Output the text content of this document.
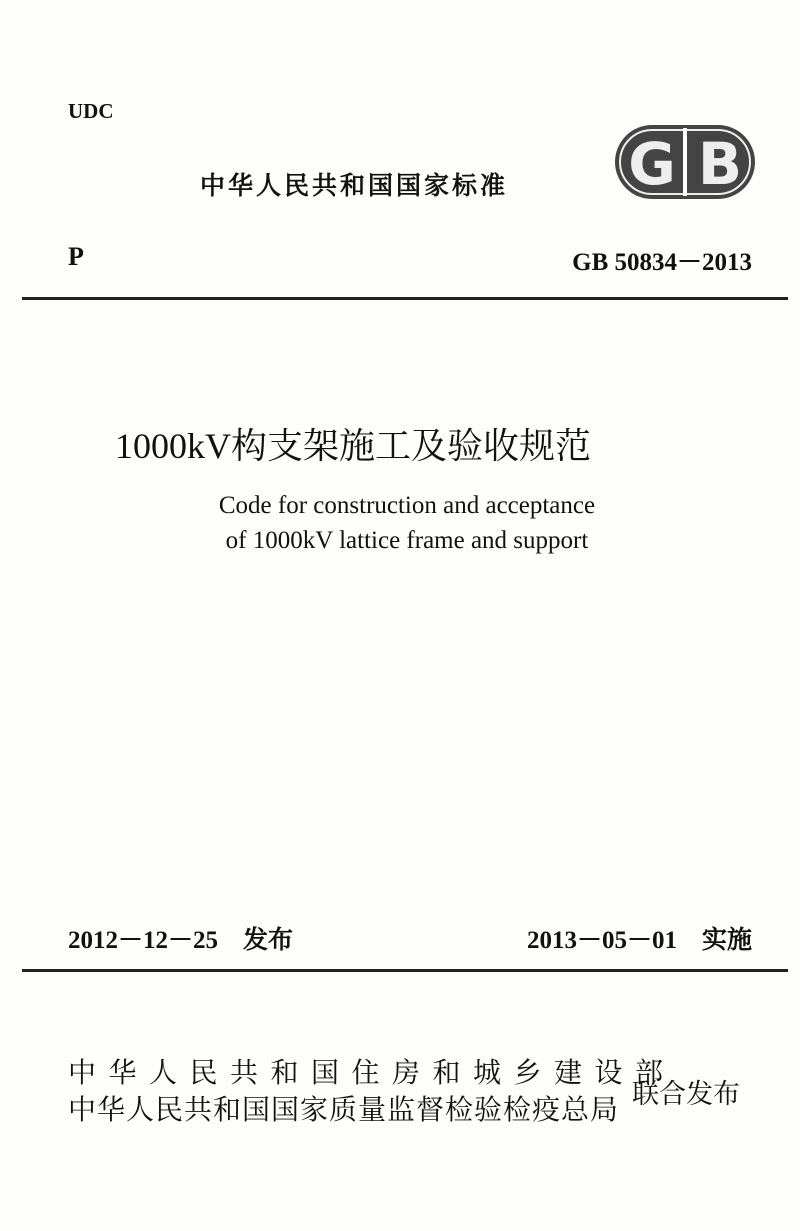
UDC
中华人民共和国国家标准 G B
P	GB 50834－2013
1000kV构支架施工及验收规范
Code for construction and acceptance
of 1000kV lattice frame and support
2012－12－25　发布	2013－05－01　实施
中华人民共和国住房和城乡建设部
中华人民共和国国家质量监督检验检疫总局 联合发布
